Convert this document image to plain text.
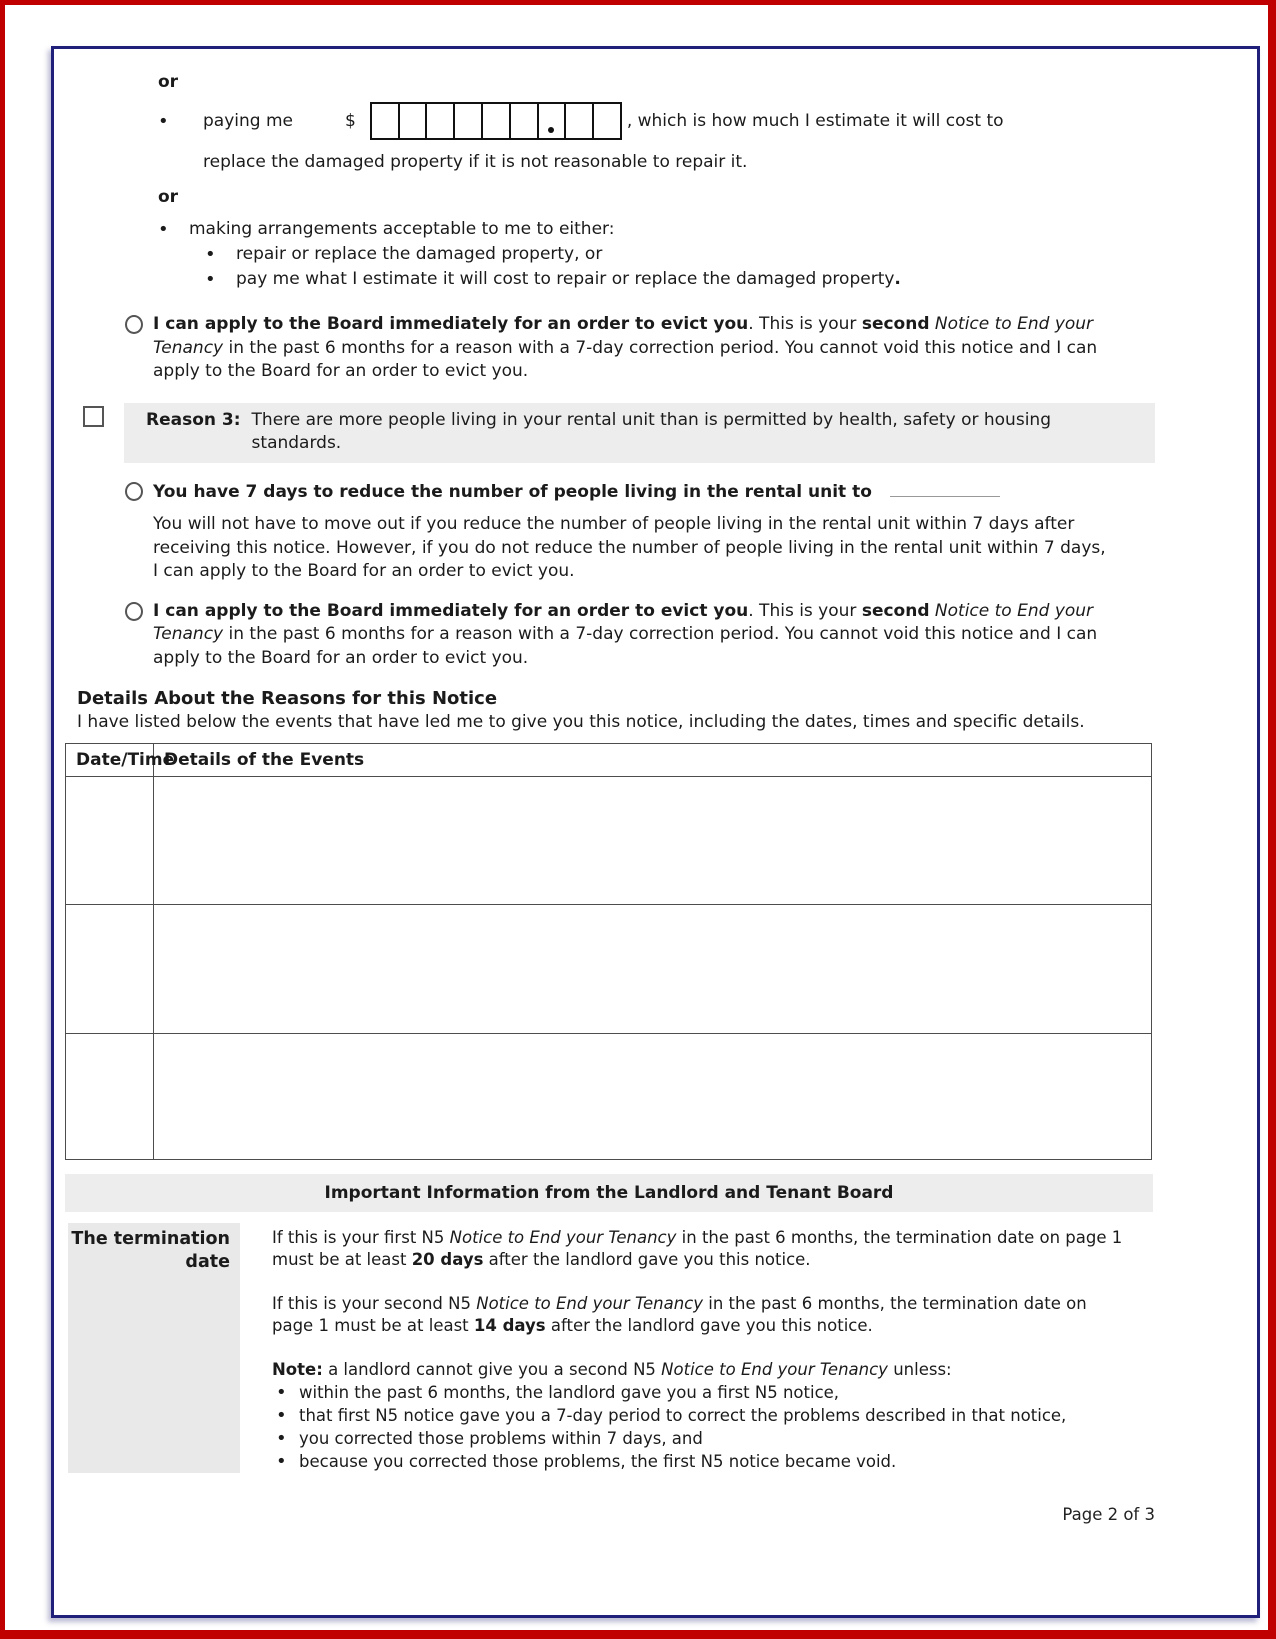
or
•
paying me	$	, which is how much I estimate it will cost to
replace the damaged property if it is not reasonable to repair it.
or
•
making arrangements acceptable to me to either:
•
repair or replace the damaged property, or
•
pay me what I estimate it will cost to repair or replace the damaged property.
I can apply to the Board immediately for an order to evict you. This is your second Notice to End your Tenancy in the past 6 months for a reason with a 7-day correction period. You cannot void this notice and I can apply to the Board for an order to evict you.
Reason 3: There are more people living in your rental unit than is permitted by health, safety or housing standards.
You have 7 days to reduce the number of people living in the rental unit to
You will not have to move out if you reduce the number of people living in the rental unit within 7 days after receiving this notice. However, if you do not reduce the number of people living in the rental unit within 7 days, I can apply to the Board for an order to evict you.
I can apply to the Board immediately for an order to evict you. This is your second Notice to End your Tenancy in the past 6 months for a reason with a 7-day correction period. You cannot void this notice and I can apply to the Board for an order to evict you.
Details About the Reasons for this Notice
I have listed below the events that have led me to give you this notice, including the dates, times and specific details.
Date/Time	Details of the Events

Important Information from the Landlord and Tenant Board
The termination date

If this is your first N5 Notice to End your Tenancy in the past 6 months, the termination date on page 1 must be at least 20 days after the landlord gave you this notice.

If this is your second N5 Notice to End your Tenancy in the past 6 months, the termination date on page 1 must be at least 14 days after the landlord gave you this notice.

Note: a landlord cannot give you a second N5 Notice to End your Tenancy unless:

•
within the past 6 months, the landlord gave you a first N5 notice,
•
that first N5 notice gave you a 7-day period to correct the problems described in that notice,
•
you corrected those problems within 7 days, and
•
because you corrected those problems, the first N5 notice became void.
Page 2 of 3
